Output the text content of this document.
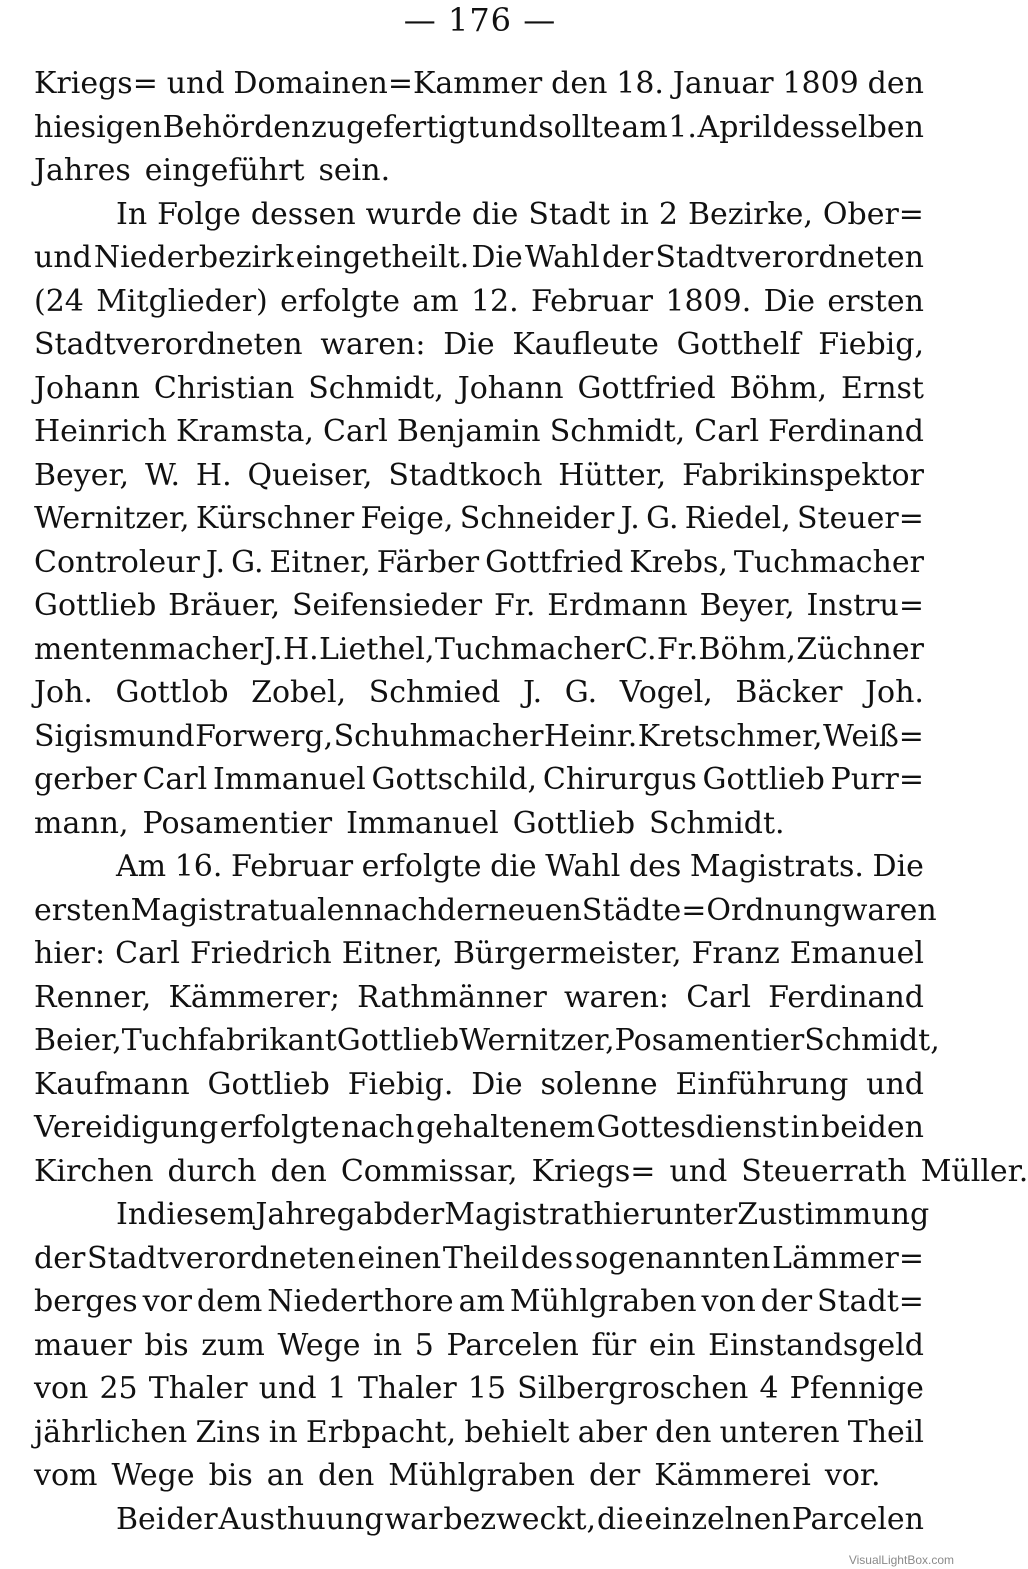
— 176 —
Kriegs= und Domainen=Kammer den 18. Januar 1809 den
hiesigen Behörden zugefertigt und sollte am 1. April desselben
Jahres eingeführt sein.
In Folge dessen wurde die Stadt in 2 Bezirke, Ober=
und Niederbezirk eingetheilt. Die Wahl der Stadtverordneten
(24 Mitglieder) erfolgte am 12. Februar 1809. Die ersten
Stadtverordneten waren: Die Kaufleute Gotthelf Fiebig,
Johann Christian Schmidt, Johann Gottfried Böhm, Ernst
Heinrich Kramsta, Carl Benjamin Schmidt, Carl Ferdinand
Beyer, W. H. Queiser, Stadtkoch Hütter, Fabrikinspektor
Wernitzer, Kürschner Feige, Schneider J. G. Riedel, Steuer=
Controleur J. G. Eitner, Färber Gottfried Krebs, Tuchmacher
Gottlieb Bräuer, Seifensieder Fr. Erdmann Beyer, Instru=
mentenmacher J. H. Liethel, Tuchmacher C. Fr. Böhm, Züchner
Joh. Gottlob Zobel, Schmied J. G. Vogel, Bäcker Joh.
Sigismund Forwerg, Schuhmacher Heinr. Kretschmer, Weiß=
gerber Carl Immanuel Gottschild, Chirurgus Gottlieb Purr=
mann, Posamentier Immanuel Gottlieb Schmidt.
Am 16. Februar erfolgte die Wahl des Magistrats. Die
ersten Magistratualen nach der neuen Städte=Ordnung waren
hier: Carl Friedrich Eitner, Bürgermeister, Franz Emanuel
Renner, Kämmerer; Rathmänner waren: Carl Ferdinand
Beier, Tuchfabrikant Gottlieb Wernitzer, Posamentier Schmidt,
Kaufmann Gottlieb Fiebig. Die solenne Einführung und
Vereidigung erfolgte nach gehaltenem Gottesdienst in beiden
Kirchen durch den Commissar, Kriegs= und Steuerrath Müller.
In diesem Jahre gab der Magistrat hier unter Zustimmung
der Stadtverordneten einen Theil des sogenannten Lämmer=
berges vor dem Niederthore am Mühlgraben von der Stadt=
mauer bis zum Wege in 5 Parcelen für ein Einstandsgeld
von 25 Thaler und 1 Thaler 15 Silbergroschen 4 Pfennige
jährlichen Zins in Erbpacht, behielt aber den unteren Theil
vom Wege bis an den Mühlgraben der Kämmerei vor.
Bei der Austhuung war bezweckt, die einzelnen Parcelen
VisualLightBox.com
